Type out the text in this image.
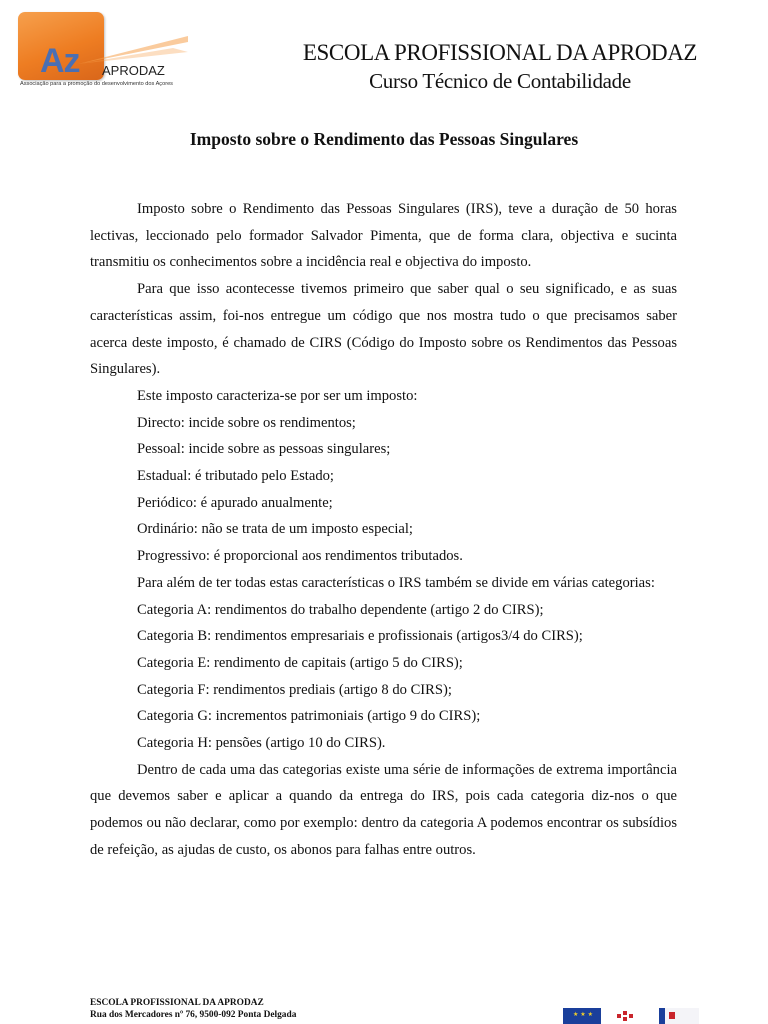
Az APRODAZ
Associação para a promoção do desenvolvimento dos Açores
ESCOLA PROFISSIONAL DA APRODAZ
Curso Técnico de Contabilidade
Imposto sobre o Rendimento das Pessoas Singulares

Imposto sobre o Rendimento das Pessoas Singulares (IRS), teve a duração de 50 horas lectivas, leccionado pelo formador Salvador Pimenta, que de forma clara, objectiva e sucinta transmitiu os conhecimentos sobre a incidência real e objectiva do imposto.

Para que isso acontecesse tivemos primeiro que saber qual o seu significado, e as suas características assim, foi-nos entregue um código que nos mostra tudo o que precisamos saber acerca deste imposto, é chamado de CIRS (Código do Imposto sobre os Rendimentos das Pessoas Singulares).

Este imposto caracteriza-se por ser um imposto:

Directo: incide sobre os rendimentos;

Pessoal: incide sobre as pessoas singulares;

Estadual: é tributado pelo Estado;

Periódico: é apurado anualmente;

Ordinário: não se trata de um imposto especial;

Progressivo: é proporcional aos rendimentos tributados.

Para além de ter todas estas características o IRS também se divide em várias categorias:

Categoria A: rendimentos do trabalho dependente (artigo 2 do CIRS);

Categoria B: rendimentos empresariais e profissionais (artigos3/4 do CIRS);

Categoria E: rendimento de capitais (artigo 5 do CIRS);

Categoria F: rendimentos prediais (artigo 8 do CIRS);

Categoria G: incrementos patrimoniais (artigo 9 do CIRS);

Categoria H: pensões (artigo 10 do CIRS).

Dentro de cada uma das categorias existe uma série de informações de extrema importância que devemos saber e aplicar a quando da entrega do IRS, pois cada categoria diz-nos o que podemos ou não declarar, como por exemplo: dentro da categoria A podemos encontrar os subsídios de refeição, as ajudas de custo, os abonos para falhas entre outros.

ESCOLA PROFISSIONAL DA APRODAZ
Rua dos Mercadores nº 76, 9500-092 Ponta Delgada	★ ★ ★
